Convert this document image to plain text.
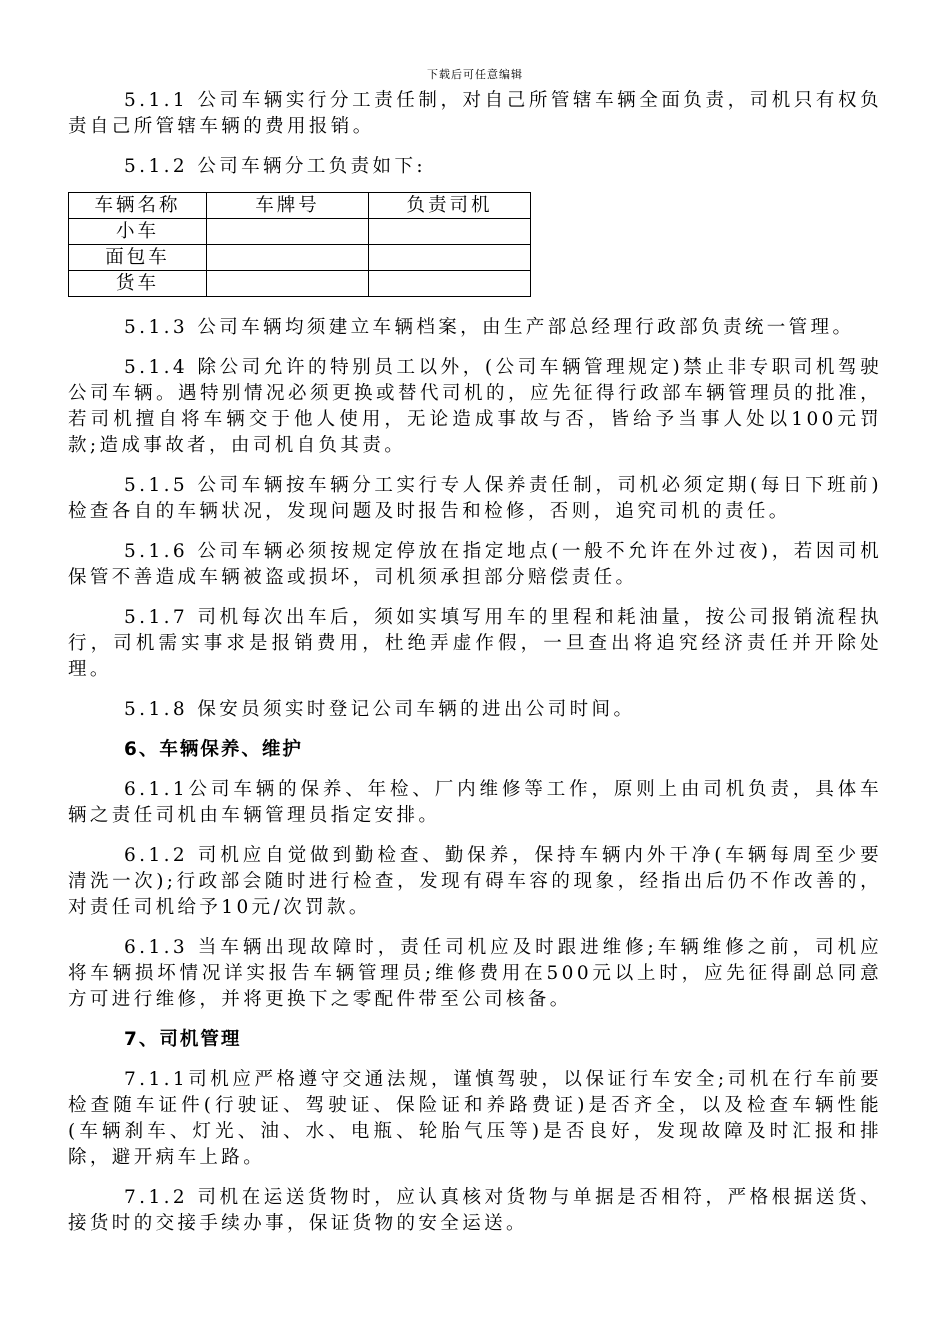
下载后可任意编辑

5.1.1 公司车辆实行分工责任制，对自己所管辖车辆全面负责，司机只有权负责自己所管辖车辆的费用报销。

5.1.2 公司车辆分工负责如下:

车辆名称	车牌号	负责司机
小车		
面包车		
货车		

5.1.3 公司车辆均须建立车辆档案，由生产部总经理行政部负责统一管理。

5.1.4 除公司允许的特别员工以外，(公司车辆管理规定)禁止非专职司机驾驶公司车辆。遇特别情况必须更换或替代司机的，应先征得行政部车辆管理员的批准，若司机擅自将车辆交于他人使用，无论造成事故与否，皆给予当事人处以100元罚款;造成事故者，由司机自负其责。

5.1.5 公司车辆按车辆分工实行专人保养责任制，司机必须定期(每日下班前)检查各自的车辆状况，发现问题及时报告和检修，否则，追究司机的责任。

5.1.6 公司车辆必须按规定停放在指定地点(一般不允许在外过夜)，若因司机保管不善造成车辆被盗或损坏，司机须承担部分赔偿责任。

5.1.7 司机每次出车后，须如实填写用车的里程和耗油量，按公司报销流程执行，司机需实事求是报销费用，杜绝弄虚作假，一旦查出将追究经济责任并开除处理。

5.1.8 保安员须实时登记公司车辆的进出公司时间。

6、车辆保养、维护

6.1.1公司车辆的保养、年检、厂内维修等工作，原则上由司机负责，具体车辆之责任司机由车辆管理员指定安排。

6.1.2 司机应自觉做到勤检查、勤保养，保持车辆内外干净(车辆每周至少要清洗一次);行政部会随时进行检查，发现有碍车容的现象，经指出后仍不作改善的，对责任司机给予10元/次罚款。

6.1.3 当车辆出现故障时，责任司机应及时跟进维修;车辆维修之前，司机应将车辆损坏情况详实报告车辆管理员;维修费用在500元以上时，应先征得副总同意方可进行维修，并将更换下之零配件带至公司核备。

7、司机管理

7.1.1司机应严格遵守交通法规，谨慎驾驶，以保证行车安全;司机在行车前要检查随车证件(行驶证、驾驶证、保险证和养路费证)是否齐全，以及检查车辆性能(车辆刹车、灯光、油、水、电瓶、轮胎气压等)是否良好，发现故障及时汇报和排除，避开病车上路。

7.1.2 司机在运送货物时，应认真核对货物与单据是否相符，严格根据送货、接货时的交接手续办事，保证货物的安全运送。
